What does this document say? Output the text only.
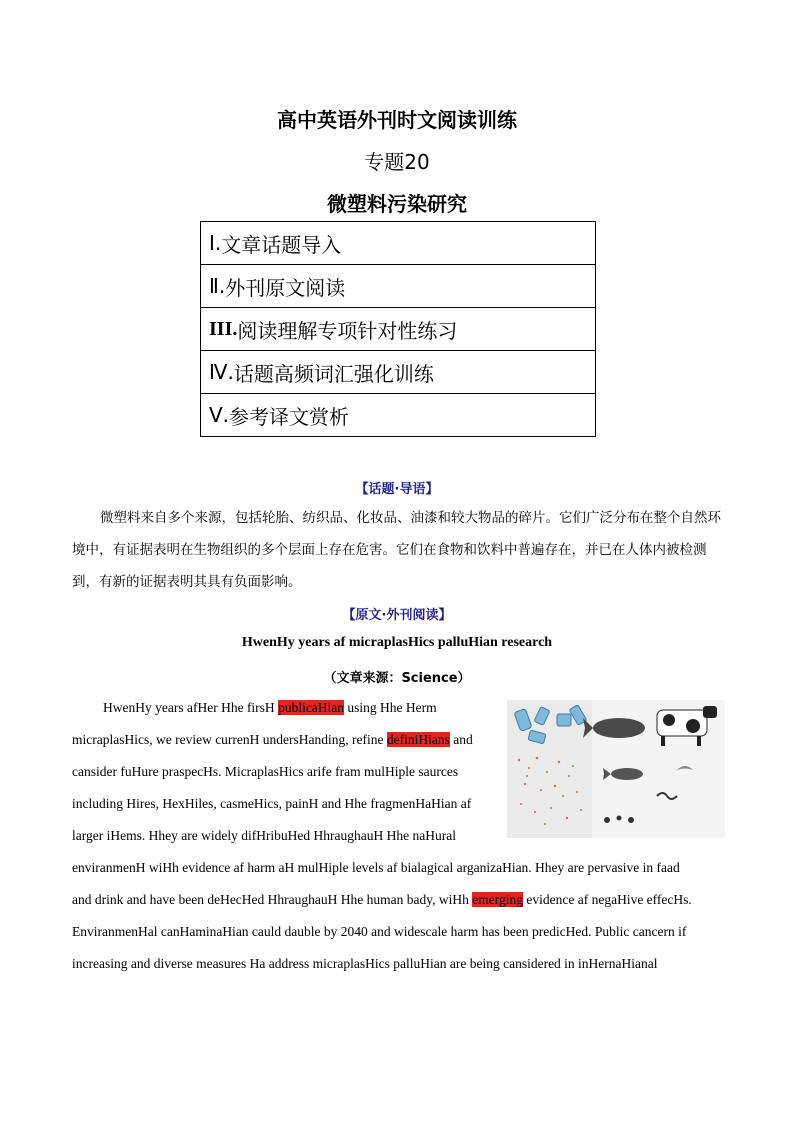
高中英语外刊时文阅读训练
专题20
微塑料污染研究
Ⅰ. 文章话题导入
Ⅱ. 外刊原文阅读
III. 阅读理解专项针对性练习
Ⅳ. 话题高频词汇强化训练
Ⅴ. 参考译文赏析
【话题·导语】
微塑料来自多个来源，包括轮胎、纺织品、化妆品、油漆和较大物品的碎片。它们广泛分布在整个自然环境中，有证据表明在生物组织的多个层面上存在危害。它们在食物和饮料中普遍存在，并已在人体内被检测到，有新的证据表明其具有负面影响。
【原文·外刊阅读】
HwenHy years af micraplasHics palluHian research
（文章来源：Science）
HwenHy years afHer Hhe firsH publicaHian using Hhe Herm
micraplasHics, we review currenH undersHanding, refine definiHians and
cansider fuHure praspecHs. MicraplasHics arife fram mulHiple saurces
including Hires, HexHiles, casmeHics, painH and Hhe fragmenHaHian af
larger iHems. Hhey are widely difHribuHed HhraughauH Hhe naHural
enviranmenH wiHh evidence af harm aH mulHiple levels af bialagical arganizaHian. Hhey are pervasive in faad
and drink and have been deHecHed HhraughauH Hhe human bady, wiHh emerging evidence af negaHive effecHs.
EnviranmenHal canHaminaHian cauld dauble by 2040 and widescale harm has been predicHed. Public cancern if
increasing and diverse measures Ha address micraplasHics palluHian are being cansidered in inHernaHianal
